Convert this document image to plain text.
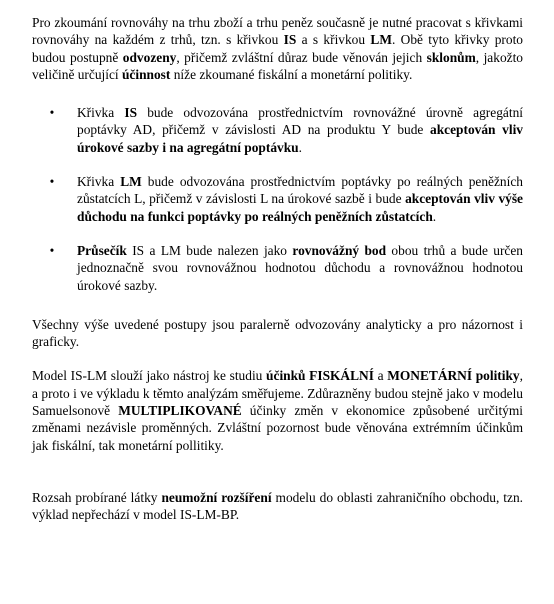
Pro zkoumání rovnováhy na trhu zboží a trhu peněz současně je nutné pracovat s křivkami rovnováhy na každém z trhů, tzn. s křivkou IS a s křivkou LM. Obě tyto křivky proto budou postupně odvozeny, přičemž zvláštní důraz bude věnován jejich sklonům, jakožto veličině určující účinnost níže zkoumané fiskální a monetární politiky.

• Křivka IS bude odvozována prostřednictvím rovnovážné úrovně agregátní poptávky AD, přičemž v závislosti AD na produktu Y bude akceptován vliv úrokové sazby i na agregátní poptávku.

• Křivka LM bude odvozována prostřednictvím poptávky po reálných peněžních zůstatcích L, přičemž v závislosti L na úrokové sazbě i bude akceptován vliv výše důchodu na funkci poptávky po reálných peněžních zůstatcích.

• Průsečík IS a LM bude nalezen jako rovnovážný bod obou trhů a bude určen jednoznačně svou rovnovážnou hodnotou důchodu a rovnovážnou hodnotou úrokové sazby.

Všechny výše uvedené postupy jsou paralerně odvozovány analyticky a pro názornost i graficky.

Model IS-LM slouží jako nástroj ke studiu účinků FISKÁLNÍ a MONETÁRNÍ politiky, a proto i ve výkladu k těmto analýzám směřujeme. Zdůrazněny budou stejně jako v modelu Samuelsonově MULTIPLIKOVANÉ účinky změn v ekonomice způsobené určitými změnami nezávisle proměnných. Zvláštní pozornost bude věnována extrémním účinkům jak fiskální, tak monetární pollitiky.

Rozsah probírané látky neumožní rozšíření modelu do oblasti zahraničního obchodu, tzn. výklad nepřechází v model IS-LM-BP.
